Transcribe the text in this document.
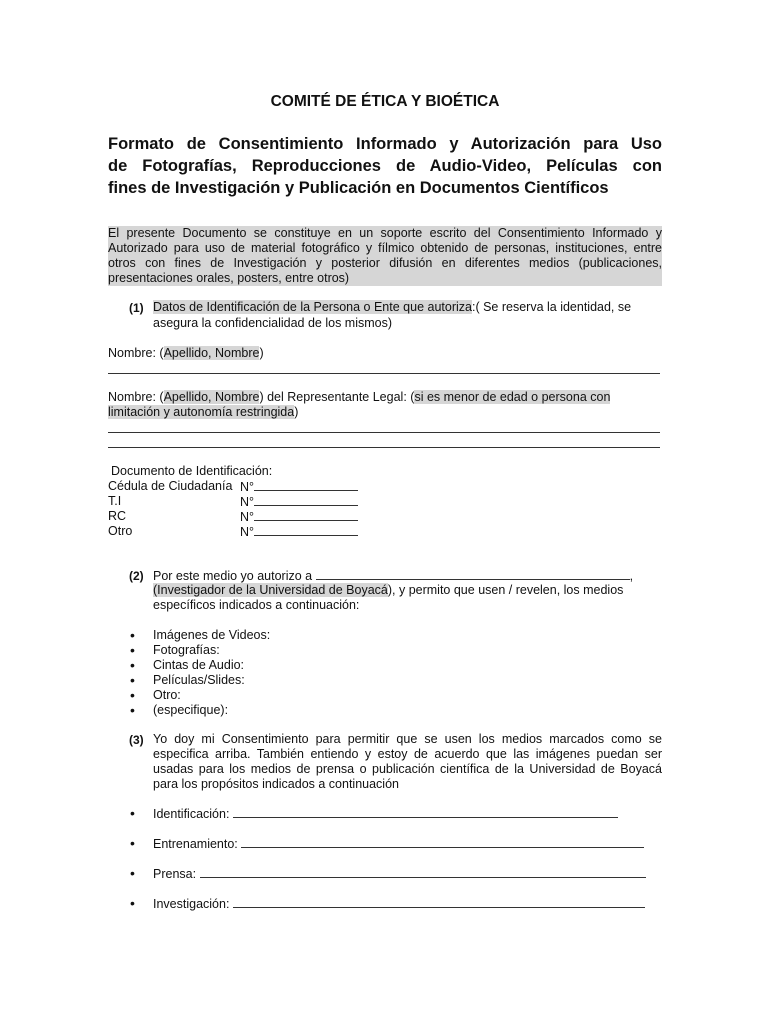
COMITÉ DE ÉTICA Y BIOÉTICA
Formato de Consentimiento Informado y Autorización para Uso
de Fotografías, Reproducciones de Audio-Video, Películas con
fines de Investigación y Publicación en Documentos Científicos
El presente Documento se constituye en un soporte escrito del Consentimiento Informado y
Autorizado para uso de material fotográfico y fílmico obtenido de personas, instituciones, entre
otros con fines de Investigación y posterior difusión en diferentes medios (publicaciones,
presentaciones orales, posters, entre otros)
(1) Datos de Identificación de la Persona o Ente que autoriza:( Se reserva la identidad, se
asegura la confidencialidad de los mismos)
Nombre: (Apellido, Nombre)
Nombre: (Apellido, Nombre) del Representante Legal: (si es menor de edad o persona con
limitación y autonomía restringida)
Documento de Identificación:
Cédula de Ciudadanía N°
T.I	N°
RC	N°
Otro	N°
(2) Por este medio yo autorizo a	,
(Investigador de la Universidad de Boyacá), y permito que usen / revelen, los medios
específicos indicados a continuación:
• Imágenes de Videos:
• Fotografías:
• Cintas de Audio:
• Películas/Slides:
• Otro:
• (especifique):
(3) Yo doy mi Consentimiento para permitir que se usen los medios marcados como se
especifica arriba. También entiendo y estoy de acuerdo que las imágenes puedan ser
usadas para los medios de prensa o publicación científica de la Universidad de Boyacá
para los propósitos indicados a continuación
• Identificación:
• Entrenamiento:
• Prensa:
• Investigación:
